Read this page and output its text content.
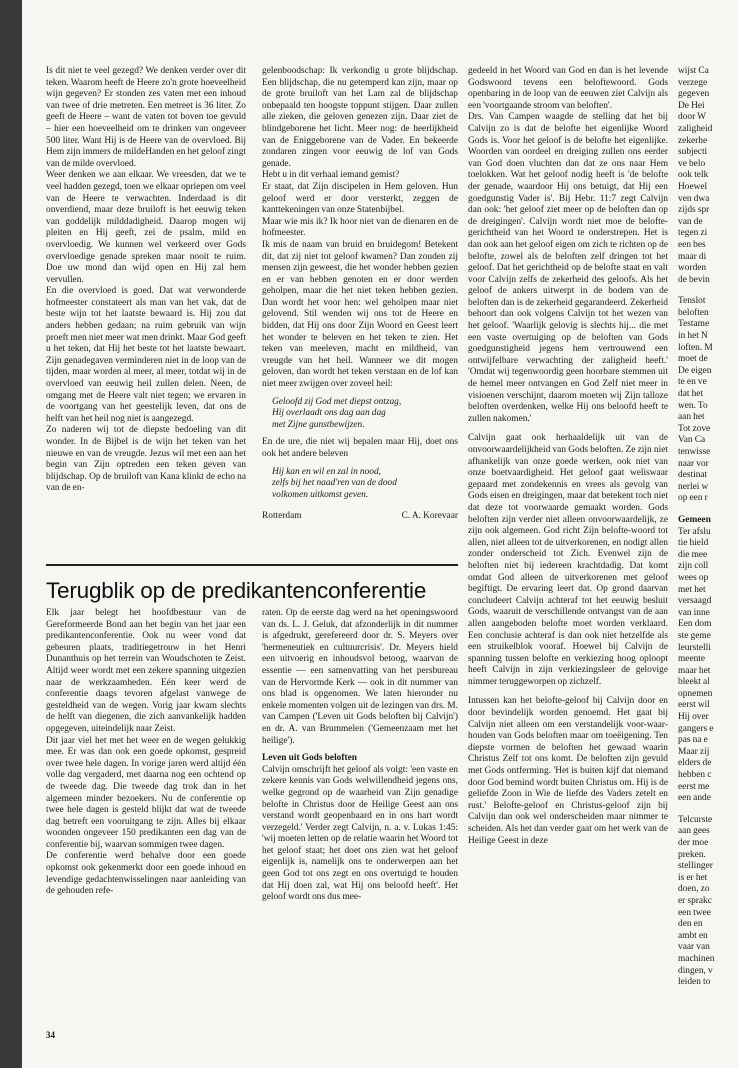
Is dit niet te veel gezegd? We denken verder over dit teken. Waarom heeft de Heere zo'n grote hoeveelheid wijn gegeven? Er stonden zes vaten met een inhoud van twee of drie metreten. Een metreet is 36 liter. Zo geeft de Heere – want de vaten tot boven toe gevuld – hier een hoeveelheid om te drinken van ongeveer 500 liter. Want Hij is de Heere van de overvloed. Bij Hem zijn immers de mildeHanden en het geloof zingt van de milde overvloed.

Weer denken we aan elkaar. We vreesden, dat we te veel hadden gezegd, toen we elkaar opriepen om veel van de Heere te verwachten. Inderdaad is dit onverdiend, maar deze bruiloft is het eeuwig teken van goddelijk milddadigheid. Daarop mogen wij pleiten en Hij geeft, zei de psalm, mild en overvloedig. We kunnen wel verkeerd over Gods overvloedige genade spreken maar nooit te ruim. Doe uw mond dan wijd open en Hij zal hem vervullen.

En die overvloed is goed. Dat wat verwonderde hofmeester constateert als man van het vak, dat de beste wijn tot het laatste bewaard is. Hij zou dat anders hebben gedaan; na ruim gebruik van wijn proeft men niet meer wat men drinkt. Maar God geeft u het teken, dat Hij het beste tot het laatste bewaart. Zijn genadegaven verminderen niet in de loop van de tijden, maar worden al meer, al meer, totdat wij in de overvloed van eeuwig heil zullen delen. Neen, de omgang met de Heere valt niet tegen; we ervaren in de voortgang van het geestelijk leven, dat ons de helft van het heil nog niet is aangezegd.

Zo naderen wij tot de diepste bedoeling van dit wonder. In de Bijbel is de wijn het teken van het nieuwe en van de vreugde. Jezus wil met een aan het begin van Zijn optreden een teken geven van blijdschap. Op de bruiloft van Kana klinkt de echo na van de en-

gelenboodschap: Ik verkondig u grote blijdschap. Een blijdschap, die nu getemperd kan zijn, maar op de grote bruiloft van het Lam zal de blijdschap onbepaald ten hoogste toppunt stijgen. Daar zullen alle zieken, die geloven genezen zijn. Daar ziet de blindgeborene het licht. Meer nog: de heerlijkheid van de Eniggeborene van de Vader. En bekeerde zondaren zingen voor eeuwig de lof van Gods genade.

Hebt u in dit verhaal iemand gemist?

Er staat, dat Zijn discipelen in Hem geloven. Hun geloof werd er door versterkt, zeggen de kanttekeningen van onze Statenbijbel.

Maar wie mis ik? Ik hoor niet van de dienaren en de hofmeester.

Ik mis de naam van bruid en bruidegom! Betekent dit, dat zij niet tot geloof kwamen? Dan zouden zij mensen zijn geweest, die het wonder hebben gezien en er van hebben genoten en er door werden geholpen, maar die het niet teken hebben gezien. Dan wordt het voor hen: wel geholpen maar niet gelovend. Stil wenden wij ons tot de Heere en bidden, dat Hij ons door Zijn Woord en Geest leert het wonder te beleven en het teken te zien. Het teken van meeleven, macht en mildheid, van vreugde van het heil. Wanneer we dit mogen geloven, dan wordt het teken verstaan en de lof kan niet meer zwijgen over zoveel heil:

Geloofd zij God met diepst ontzag,
Hij overlaadt ons dag aan dag
met Zijne gunstbewijzen.

En de ure, die niet wij bepalen maar Hij, doet ons ook het andere beleven

Hij kan en wil en zal in nood,
zelfs bij het naad'ren van de dood
volkomen uitkomst geven.
Rotterdam	C. A. Korevaar

gedeeld in het Woord van God en dan is het levende Godswoord tevens een beloftewoord. Gods openbaring in de loop van de eeuwen ziet Calvijn als een 'voortgaande stroom van beloften'.

Drs. Van Campen waagde de stelling dat het bij Calvijn zo is dat de belofte het eigenlijke Woord Gods is. Voor het geloof is de belofte het eigenlijke. Woorden van oordeel en dreiging zullen ons eerder van God doen vluchten dan dat ze ons naar Hem toelokken. Wat het geloof nodig heeft is 'de belofte der genade, waardoor Hij ons betuigt, dat Hij een goedgunstig Vader is'. Bij Hebr. 11:7 zegt Calvijn dan ook: 'het geloof ziet meer op de beloften dan op de dreigingen'. Calvijn wordt niet moe de belofte-gerichtheid van het Woord te onderstrepen. Het is dan ook aan het geloof eigen om zich te richten op de belofte, zowel als de beloften zelf dringen tot het geloof. Dat het gerichtheid op de belofte staat en valt voor Calvijn zelfs de zekerheid des geloofs. Als het geloof de ankers uitwerpt in de bodem van de beloften dan is de zekerheid gegarandeerd. Zekerheid behoort dan ook volgens Calvijn tot het wezen van het geloof. 'Waarlijk gelovig is slechts hij... die met een vaste overtuiging op de beloften van Gods goedgunstigheid jegens hem vertrouwend een ontwijfelbare verwachting der zaligheid heeft.' 'Omdat wij tegenwoordig geen hoorbare stemmen uit de hemel meer ontvangen en God Zelf niet meer in visioenen verschijnt, daarom moeten wij Zijn talloze beloften overdenken, welke Hij ons beloofd heeft te zullen nakomen.'

Calvijn gaat ook herhaaldelijk uit van de onvoorwaardelijkheid van Gods beloften. Ze zijn niet afhankelijk van onze goede werken, ook niet van onze boetvaardigheid. Het geloof gaat weliswaar gepaard met zondekennis en vrees als gevolg van Gods eisen en dreigingen, maar dat betekent toch niet dat deze tot voorwaarde gemaakt worden. Gods beloften zijn verder niet alleen onvoorwaardelijk, ze zijn ook algemeen. God richt Zijn belofte-woord tot allen, niet alleen tot de uitverkorenen, en nodigt allen zonder onderscheid tot Zich. Evenwel zijn de beloften niet bij iedereen krachtdadig. Dat komt omdat God alleen de uitverkorenen met geloof begiftigt. De ervaring leert dat. Op grond daarvan concludeert Calvijn achteraf tot het eeuwig besluit Gods, waaruit de verschillende ontvangst van de aan allen aangeboden belofte moet worden verklaard. Een conclusie achteraf is dan ook niet hetzelfde als een struikelblok vooraf. Hoewel bij Calvijn de spanning tussen belofte en verkiezing hoog oploopt heeft Calvijn in zijn verkiezingsleer de gelovige nimmer teruggeworpen op zichzelf.

Intussen kan het belofte-geloof bij Calvijn door en door bevindelijk worden genoemd. Het gaat bij Calvijn niet alleen om een verstandelijk voor-waar-houden van Gods beloften maar om toeëigening. Ten diepste vormen de beloften het gewaad waarin Christus Zelf tot ons komt. De beloften zijn gevuld met Gods ontferming. 'Het is buiten kijf dat niemand door God bemind wordt buiten Christus om. Hij is de geliefde Zoon in Wie de liefde des Vaders zetelt en rust.' Belofte-geloof en Christus-geloof zijn bij Calvijn dan ook wel onderscheiden maar nimmer te scheiden. Als het dan verder gaat om het werk van de Heilige Geest in deze

wijst Ca
verzege
gegeven
De Hei
door W
zaligheid
zekerhe
subjecti
ve belo
ook telk
Hoewel
ven dwa
zijds spr
van de
tegen zi
een bes
maar di
worden
de bevin
Tenslot
beloften
Testame
in het N
loften. M
moet de
De eigen
te en ve
dat het
wen. To
aan het
Tot zove
Van Ca
tenwisse
naar vor
destinat
nerlei w
op een r
Gemeen
Ter afslu
tie hield
die mee
zijn coll
wees op
met het
versaagd
van inne
Een dom
ste geme
leurstelli
meente
maar het
bleekt al
opnemen
eerst wil
Hij over
gangers e
pas na e
Maar zij
elders de
hebben c
eerst me
een ande
Telcurste
aan gees
der moe
preken.
stellinger
is er het
doen, zo
er sprakc
een twee
den en
ambt en
vaar van
machinen
dingen, v
leiden to
Terugblik op de predikantenconferentie

Elk jaar belegt het hoofdbestuur van de Gereformeerde Bond aan het begin van het jaar een predikantenconferentie. Ook nu weer vond dat gebeuren plaats, traditiegetrouw in het Henri Dunanthuis op het terrein van Woudschoten te Zeist. Altijd weer wordt met een zekere spanning uitgezien naar de werkzaamheden. Eén keer werd de conferentie daags tevoren afgelast vanwege de gesteldheid van de wegen. Vorig jaar kwam slechts de helft van diegenen, die zich aanvankelijk hadden opgegeven, uiteindelijk naar Zeist.

Dit jaar viel het met het weer en de wegen gelukkig mee. Er was dan ook een goede opkomst, gespreid over twee hele dagen. In vorige jaren werd altijd één volle dag vergaderd, met daarna nog een ochtend op de tweede dag. Die tweede dag trok dan in het algemeen minder bezoekers. Nu de conferentie op twee hele dagen is gesteld blijkt dat wat de tweede dag betreft een vooruitgang te zijn. Alles bij elkaar woonden ongeveer 150 predikanten een dag van de conferentie bij, waarvan sommigen twee dagen.

De conferentie werd behalve door een goede opkomst ook gekenmerkt door een goede inhoud en levendige gedachtenwisselingen naar aanleiding van de gehouden refe-

raten. Op de eerste dag werd na het openingswoord van ds. L. J. Geluk, dat afzonderlijk in dit nummer is afgedrukt, gerefereerd door dr. S. Meyers over 'hermeneutiek en cultuurcrisis'. Dr. Meyers hield een uitvoerig en inhoudsvol betoog, waarvan de essentie — een samenvatting van het persbureau van de Hervormde Kerk — ook in dit nummer van ons blad is opgenomen. We laten hieronder nu enkele momenten volgen uit de lezingen van drs. M. van Campen ('Leven uit Gods beloften bij Calvijn') en dr. A. van Brummelen ('Gemeenzaam met het heilige').

Leven uit Gods beloften

Calvijn omschrijft het geloof als volgt: 'een vaste en zekere kennis van Gods welwillendheid jegens ons, welke gegrond op de waarheid van Zijn genadige belofte in Christus door de Heilige Geest aan ons verstand wordt geopenbaard en in ons hart wordt verzegeld.' Verder zegt Calvijn, n. a. v. Lukas 1:45: 'wij moeten letten op de relatie waarin het Woord tot het geloof staat; het doet ons zien wat het geloof eigenlijk is, namelijk ons te onderwerpen aan het geen God tot ons zegt en ons overtuigd te houden dat Hij doen zal, wat Hij ons beloofd heeft'. Het geloof wordt ons dus mee-

34
